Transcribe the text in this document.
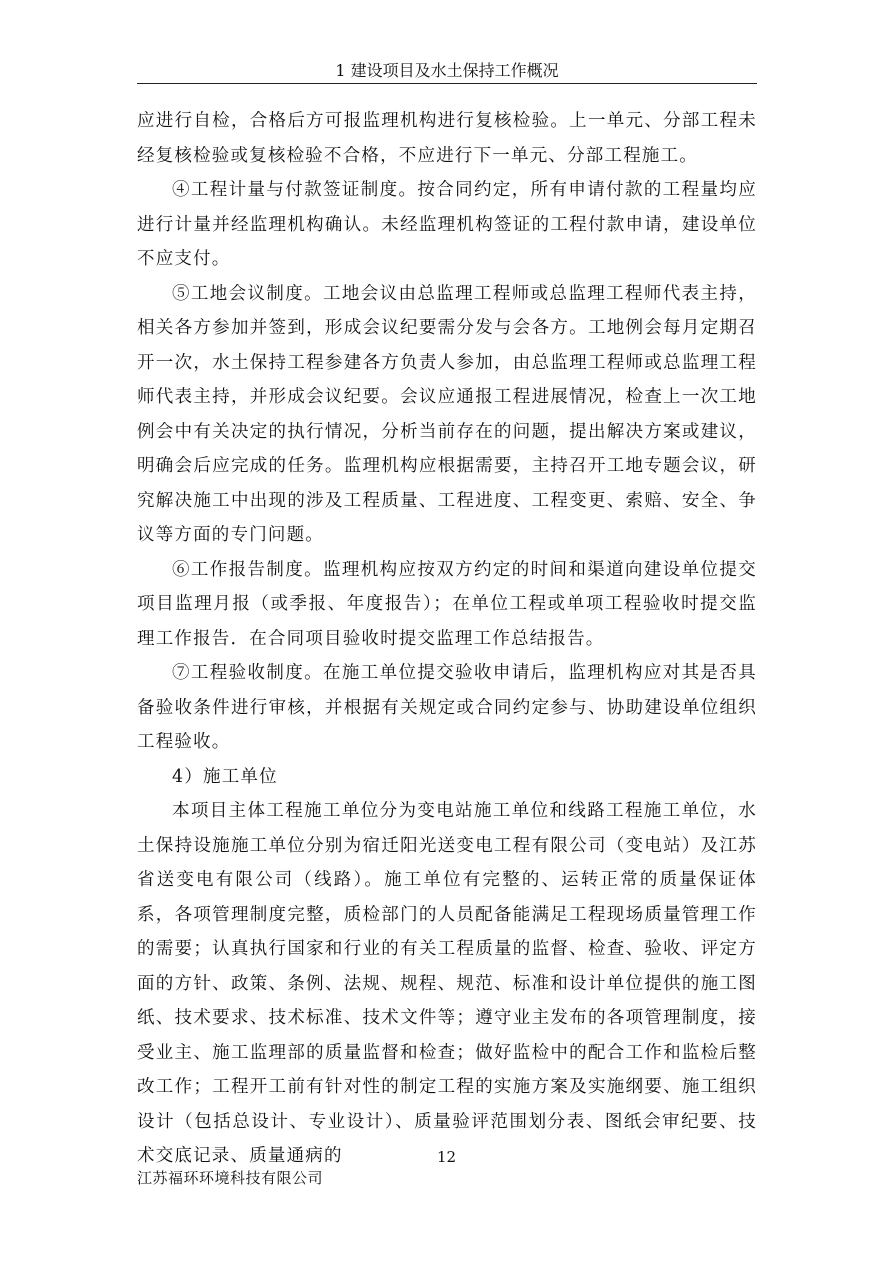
1 建设项目及水土保持工作概况

应进行自检，合格后方可报监理机构进行复核检验。上一单元、分部工程未经复核检验或复核检验不合格，不应进行下一单元、分部工程施工。

④工程计量与付款签证制度。按合同约定，所有申请付款的工程量均应进行计量并经监理机构确认。未经监理机构签证的工程付款申请，建设单位不应支付。

⑤工地会议制度。工地会议由总监理工程师或总监理工程师代表主持，相关各方参加并签到，形成会议纪要需分发与会各方。工地例会每月定期召开一次，水土保持工程参建各方负责人参加，由总监理工程师或总监理工程师代表主持，并形成会议纪要。会议应通报工程进展情况，检查上一次工地例会中有关决定的执行情况，分析当前存在的问题，提出解决方案或建议，明确会后应完成的任务。监理机构应根据需要，主持召开工地专题会议，研究解决施工中出现的涉及工程质量、工程进度、工程变更、索赔、安全、争议等方面的专门问题。

⑥工作报告制度。监理机构应按双方约定的时间和渠道向建设单位提交项目监理月报（或季报、年度报告）；在单位工程或单项工程验收时提交监理工作报告．在合同项目验收时提交监理工作总结报告。

⑦工程验收制度。在施工单位提交验收申请后，监理机构应对其是否具备验收条件进行审核，并根据有关规定或合同约定参与、协助建设单位组织工程验收。

4）施工单位

本项目主体工程施工单位分为变电站施工单位和线路工程施工单位，水土保持设施施工单位分别为宿迁阳光送变电工程有限公司（变电站）及江苏省送变电有限公司（线路）。施工单位有完整的、运转正常的质量保证体系，各项管理制度完整，质检部门的人员配备能满足工程现场质量管理工作的需要；认真执行国家和行业的有关工程质量的监督、检查、验收、评定方面的方针、政策、条例、法规、规程、规范、标准和设计单位提供的施工图纸、技术要求、技术标准、技术文件等；遵守业主发布的各项管理制度，接受业主、施工监理部的质量监督和检查；做好监检中的配合工作和监检后整改工作；工程开工前有针对性的制定工程的实施方案及实施纲要、施工组织设计（包括总设计、专业设计）、质量验评范围划分表、图纸会审纪要、技术交底记录、质量通病的	12
江苏福环环境科技有限公司
